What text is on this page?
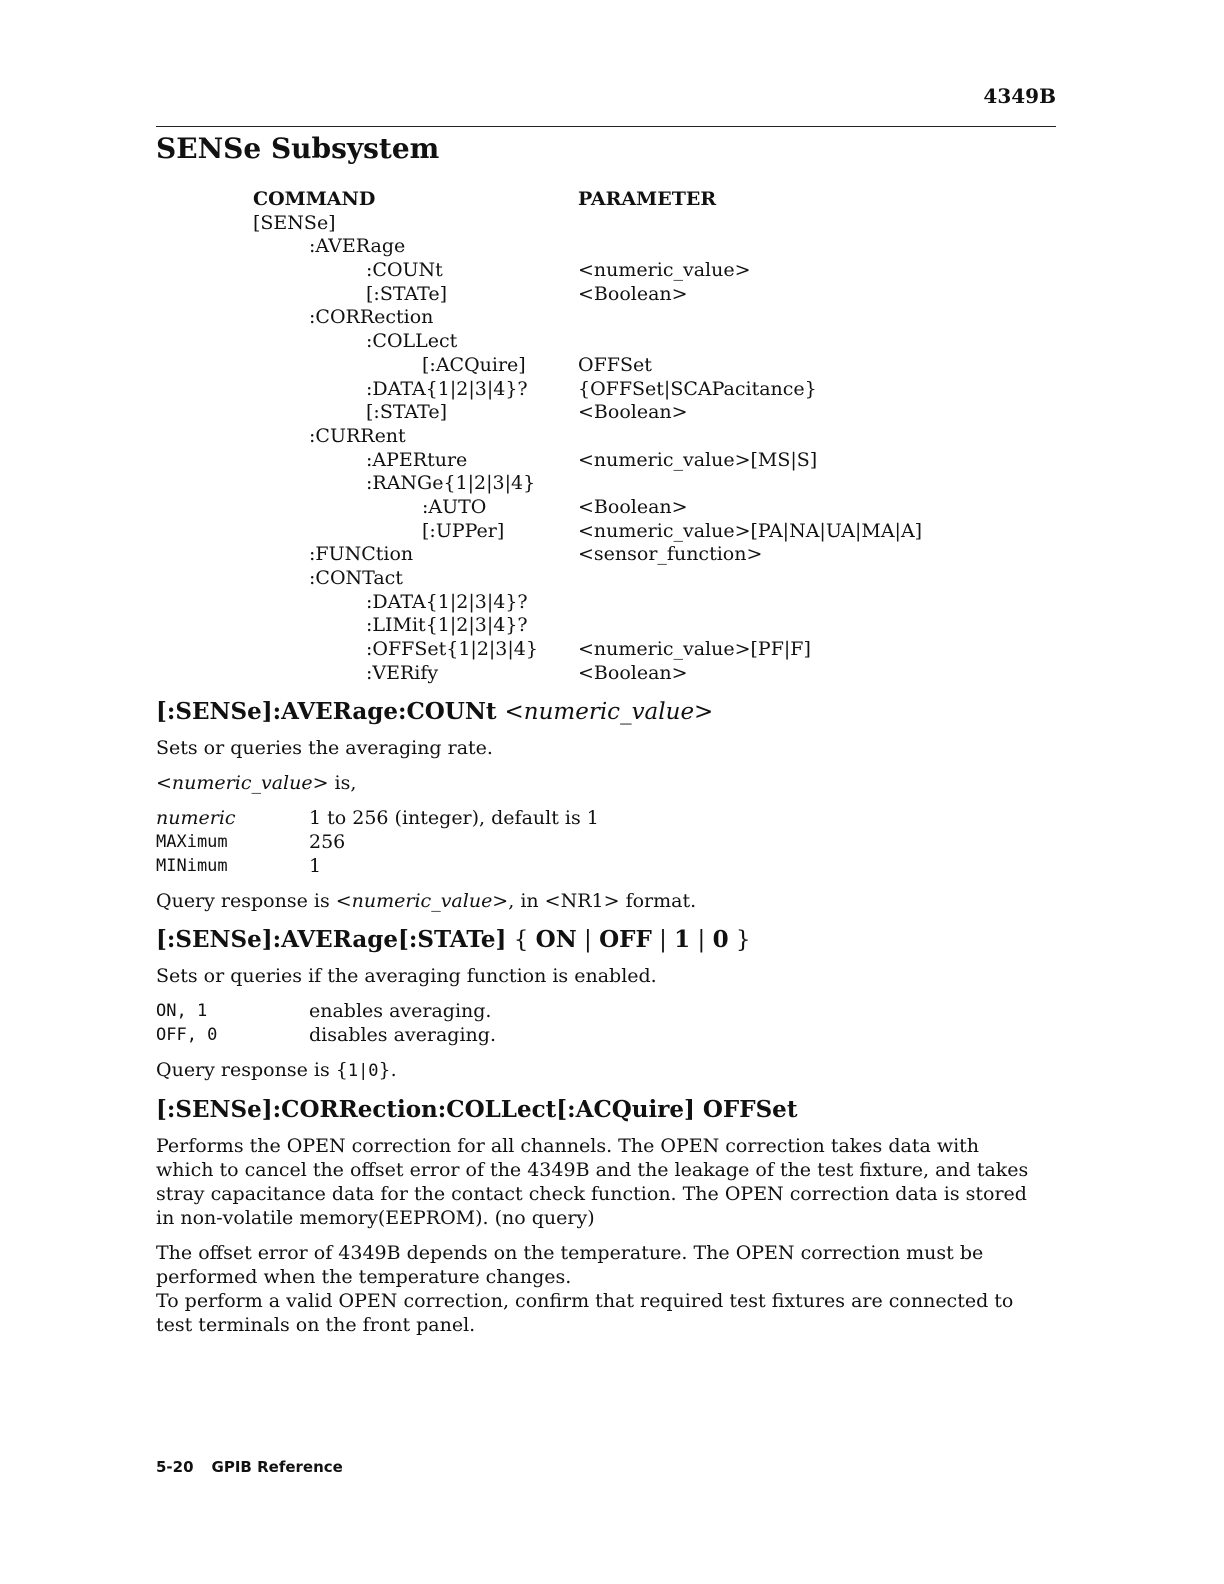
4349B
SENSe Subsystem
COMMAND	PARAMETER
[SENSe]
:AVERage
:COUNt	<numeric_value>
[:STATe]	<Boolean>
:CORRection
:COLLect
[:ACQuire]	OFFSet
:DATA{1|2|3|4}?	{OFFSet|SCAPacitance}
[:STATe]	<Boolean>
:CURRent
:APERture	<numeric_value>[MS|S]
:RANGe{1|2|3|4}
:AUTO	<Boolean>
[:UPPer]	<numeric_value>[PA|NA|UA|MA|A]
:FUNCtion	<sensor_function>
:CONTact
:DATA{1|2|3|4}?
:LIMit{1|2|3|4}?
:OFFSet{1|2|3|4} <numeric_value>[PF|F]
:VERify	<Boolean>
[:SENSe]:AVERage:COUNt <numeric_value>

Sets or queries the averaging rate.

<numeric_value> is,

numeric	1 to 256 (integer), default is 1
MAXimum	256
MINimum	1

Query response is <numeric_value>, in <NR1> format.

[:SENSe]:AVERage[:STATe] { ON | OFF | 1 | 0 }

Sets or queries if the averaging function is enabled.

ON, 1	enables averaging.
OFF, 0	disables averaging.

Query response is {1|0}.

[:SENSe]:CORRection:COLLect[:ACQuire] OFFSet

Performs the OPEN correction for all channels. The OPEN correction takes data with which to cancel the offset error of the 4349B and the leakage of the test fixture, and takes stray capacitance data for the contact check function. The OPEN correction data is stored in non-volatile memory(EEPROM). (no query)

The offset error of 4349B depends on the temperature. The OPEN correction must be performed when the temperature changes.

To perform a valid OPEN correction, confirm that required test fixtures are connected to test terminals on the front panel.

5-20 GPIB Reference
